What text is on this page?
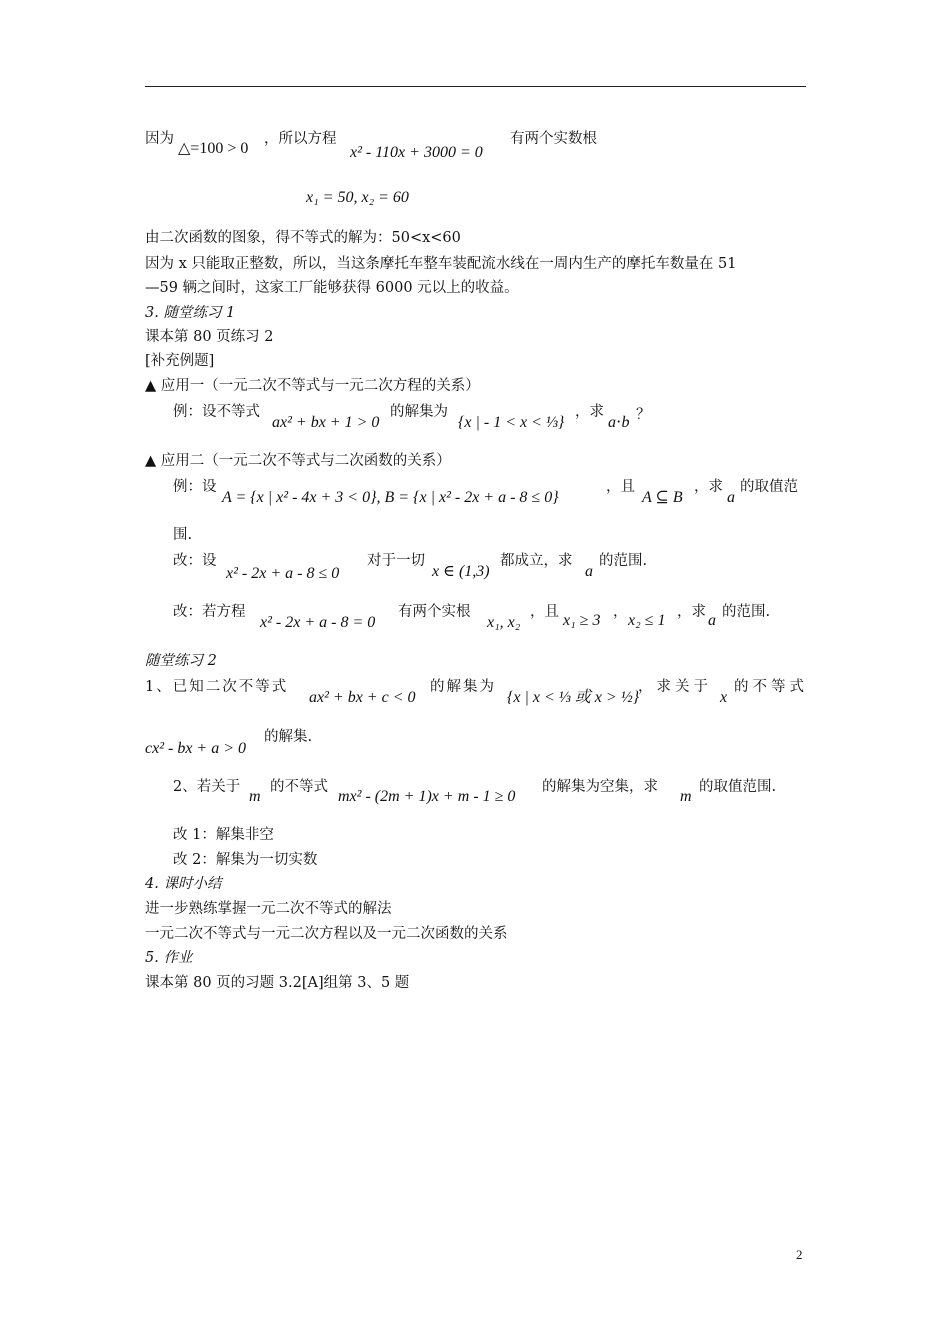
因为
△=100 > 0
，所以方程
x² - 110x + 3000 = 0
有两个实数根
x₁ = 50, x₂ = 60
由二次函数的图象，得不等式的解为：50<x<60
因为 x 只能取正整数，所以，当这条摩托车整车装配流水线在一周内生产的摩托车数量在 51
—59 辆之间时，这家工厂能够获得 6000 元以上的收益。
3. 随堂练习 1
课本第 80 页练习 2
[补充例题]
▲ 应用一（一元二次不等式与一元二次方程的关系）
例：设不等式
ax² + bx + 1 > 0
的解集为
{x | - 1 < x < ⅓}
，求
a⋅b ？
▲ 应用二（一元二次不等式与二次函数的关系）
例：设
A = {x | x² - 4x + 3 < 0}, B = {x | x² - 2x + a - 8 ≤ 0}
，且
A ⊆ B
，求
a
的取值范
围.
改：设
x² - 2x + a - 8 ≤ 0
对于一切
x ∈ (1,3)
都成立，求
a
的范围.
改：若方程
x² - 2x + a - 8 = 0
有两个实根
x₁, x₂
，且 x₁ ≥ 3 ， x₂ ≤ 1 ，求 a 的范围.
随堂练习 2
1、已知二次不等式
ax² + bx + c < 0
的解集为
{x | x < ⅓ 或 x > ½}
，求关于
x
的不等式
cx² - bx + a > 0
的解集.
2、若关于
m
的不等式
mx² - (2m + 1)x + m - 1 ≥ 0
的解集为空集，求
m
的取值范围.
改 1：解集非空
改 2：解集为一切实数
4. 课时小结
进一步熟练掌握一元二次不等式的解法
一元二次不等式与一元二次方程以及一元二次函数的关系
5. 作业
课本第 80 页的习题 3.2[A]组第 3、5 题
2
